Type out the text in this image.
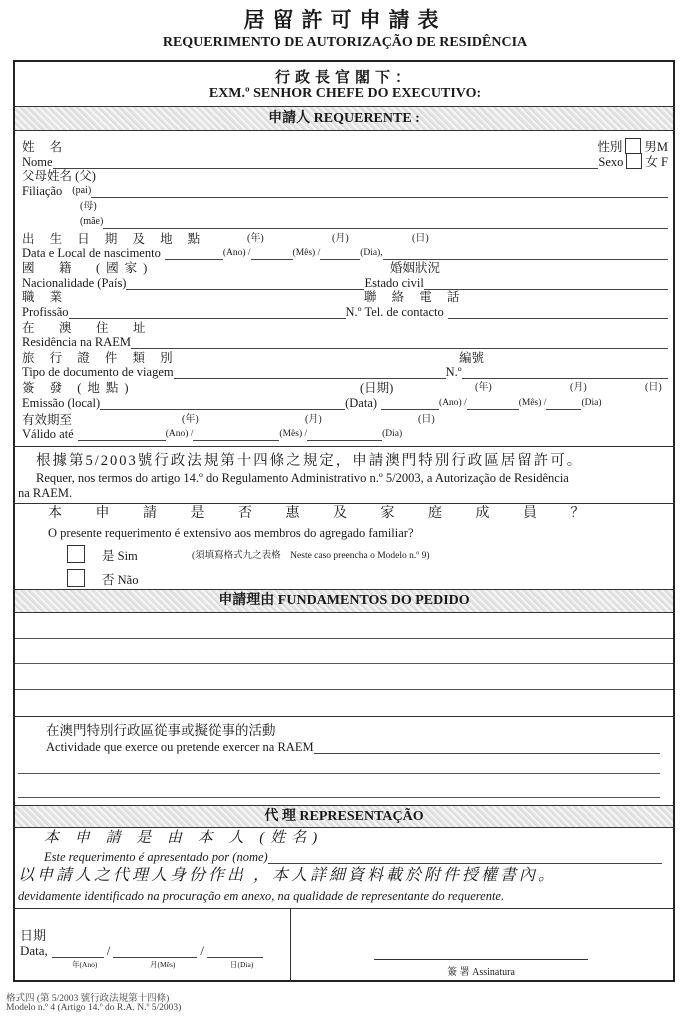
居留許可申請表
REQUERIMENTO DE AUTORIZAÇÃO DE RESIDÊNCIA
行政長官閣下：
EXM.º SENHOR CHEFE DO EXECUTIVO:
申請人 REQUERENTE :
姓 名	性別 男M
Nome	Sexo 女 F
父母姓名 (父)
Filiação (pai)
(母)
(mãe)
出 生 日 期 及 地 點	(年)	(月)	(日)
Data e Local de nascimento	(Ano) /	(Mês) /	(Dia),
國　籍　(國家)	婚姻狀況
Nacionalidade (País)	Estado civil
職 業	聯 絡 電 話
Profissão	N.º Tel. de contacto
在　澳　住　址
Residência na RAEM
旅 行 證 件 類 別	編號
Tipo de documento de viagem	N.º
簽 發 (地點)	(日期)	(年)	(月)	(日)
Emissão (local)	(Data)	(Ano) /	(Mês) /	(Dia)
有效期至	(年)	(月)	(日)
Válido até	(Ano) /	(Mês) /	(Dia)
根據第5/2003號行政法規第十四條之規定，申請澳門特別行政區居留許可。
Requer, nos termos do artigo 14.º do Regulamento Administrativo n.º 5/2003, a Autorização de Residência
na RAEM.
本 申 請 是 否 惠 及 家 庭 成 員 ？
O presente requerimento é extensivo aos membros do agregado familiar?
是 Sim	(須填寫格式九之表格　Neste caso preencha o Modelo n.º 9)
否 Não
申請理由 FUNDAMENTOS DO PEDIDO
在澳門特別行政區從事或擬從事的活動
Actividade que exerce ou pretende exercer na RAEM
代 理 REPRESENTAÇÃO
本 申 請 是 由 本 人 (姓名)
Este requerimento é apresentado por (nome)
以申請人之代理人身份作出 ，本人詳細資料載於附件授權書內。
devidamente identificado na procuração em anexo, na qualidade de representante do requerente.
日期
Data,	/	/
年(Ano)	月(Mês)	日(Dia)
簽 署 Assinatura
格式四 (第 5/2003 號行政法規第十四條)
Modelo n.º 4 (Artigo 14.º do R.A. N.º 5/2003)
